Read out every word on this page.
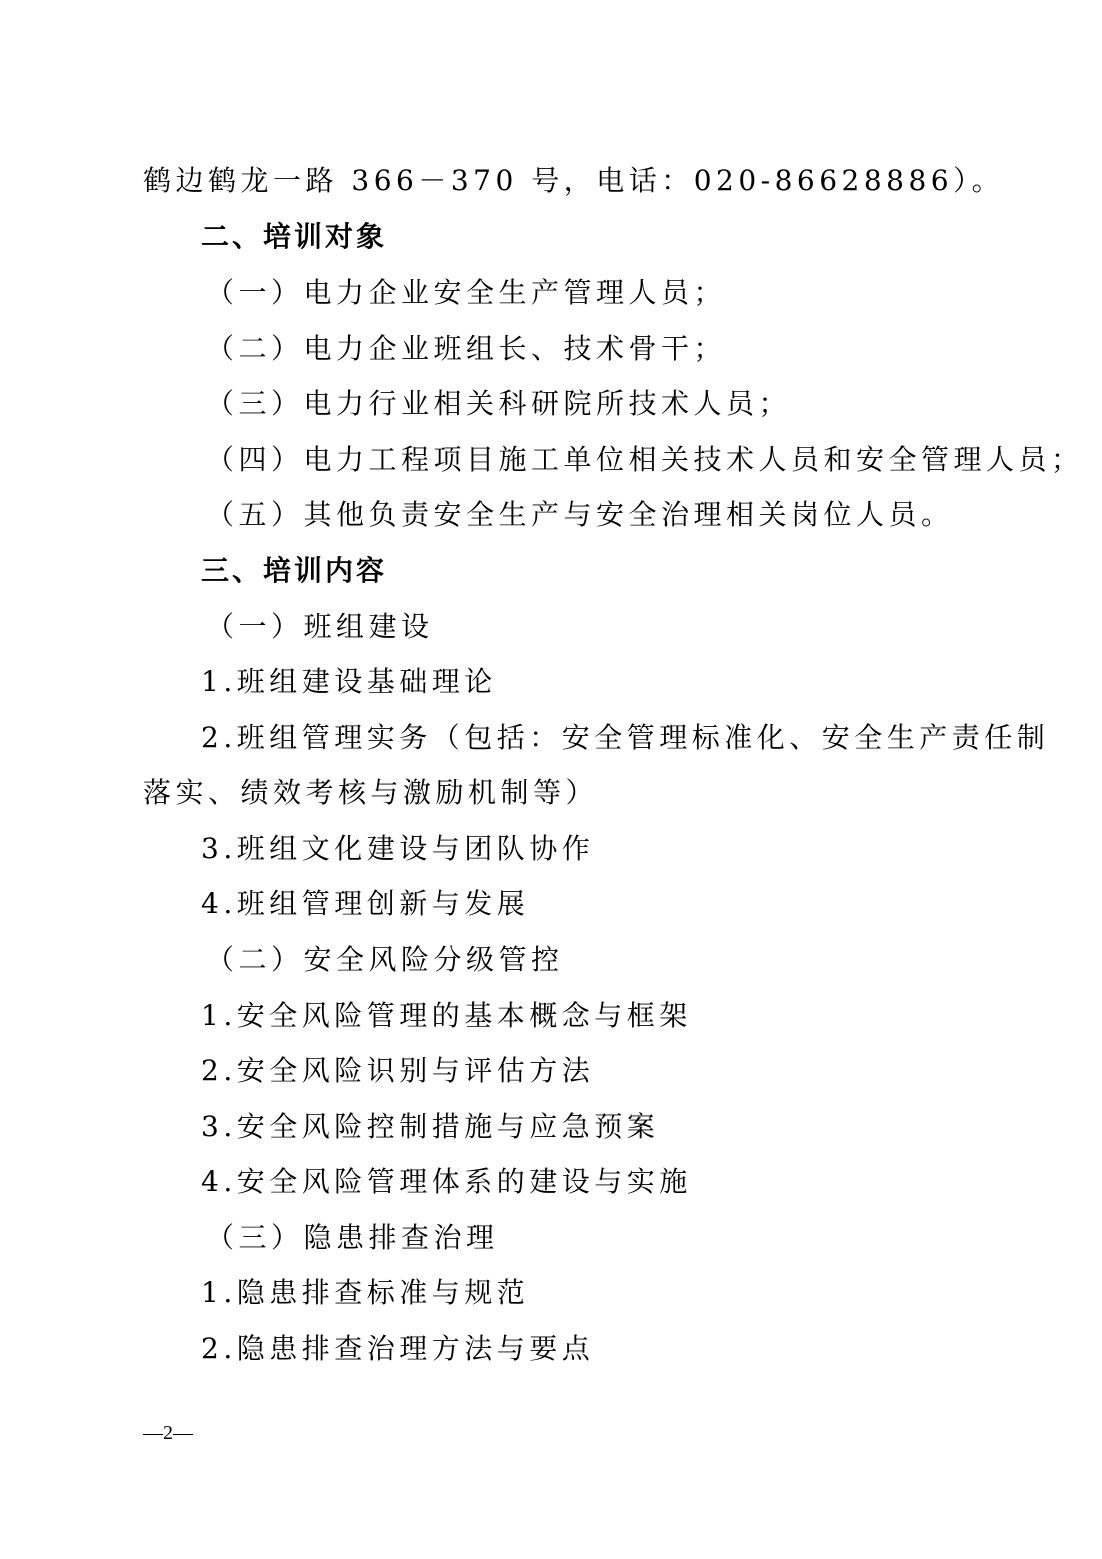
鹤边鹤龙一路 366－370 号，电话：020-86628886）。
二、培训对象
（一）电力企业安全生产管理人员；
（二）电力企业班组长、技术骨干；
（三）电力行业相关科研院所技术人员；
（四）电力工程项目施工单位相关技术人员和安全管理人员；
（五）其他负责安全生产与安全治理相关岗位人员。
三、培训内容
（一）班组建设
1.班组建设基础理论
2.班组管理实务（包括：安全管理标准化、安全生产责任制
落实、绩效考核与激励机制等）
3.班组文化建设与团队协作
4.班组管理创新与发展
（二）安全风险分级管控
1.安全风险管理的基本概念与框架
2.安全风险识别与评估方法
3.安全风险控制措施与应急预案
4.安全风险管理体系的建设与实施
（三）隐患排查治理
1.隐患排查标准与规范
2.隐患排查治理方法与要点
—2—
